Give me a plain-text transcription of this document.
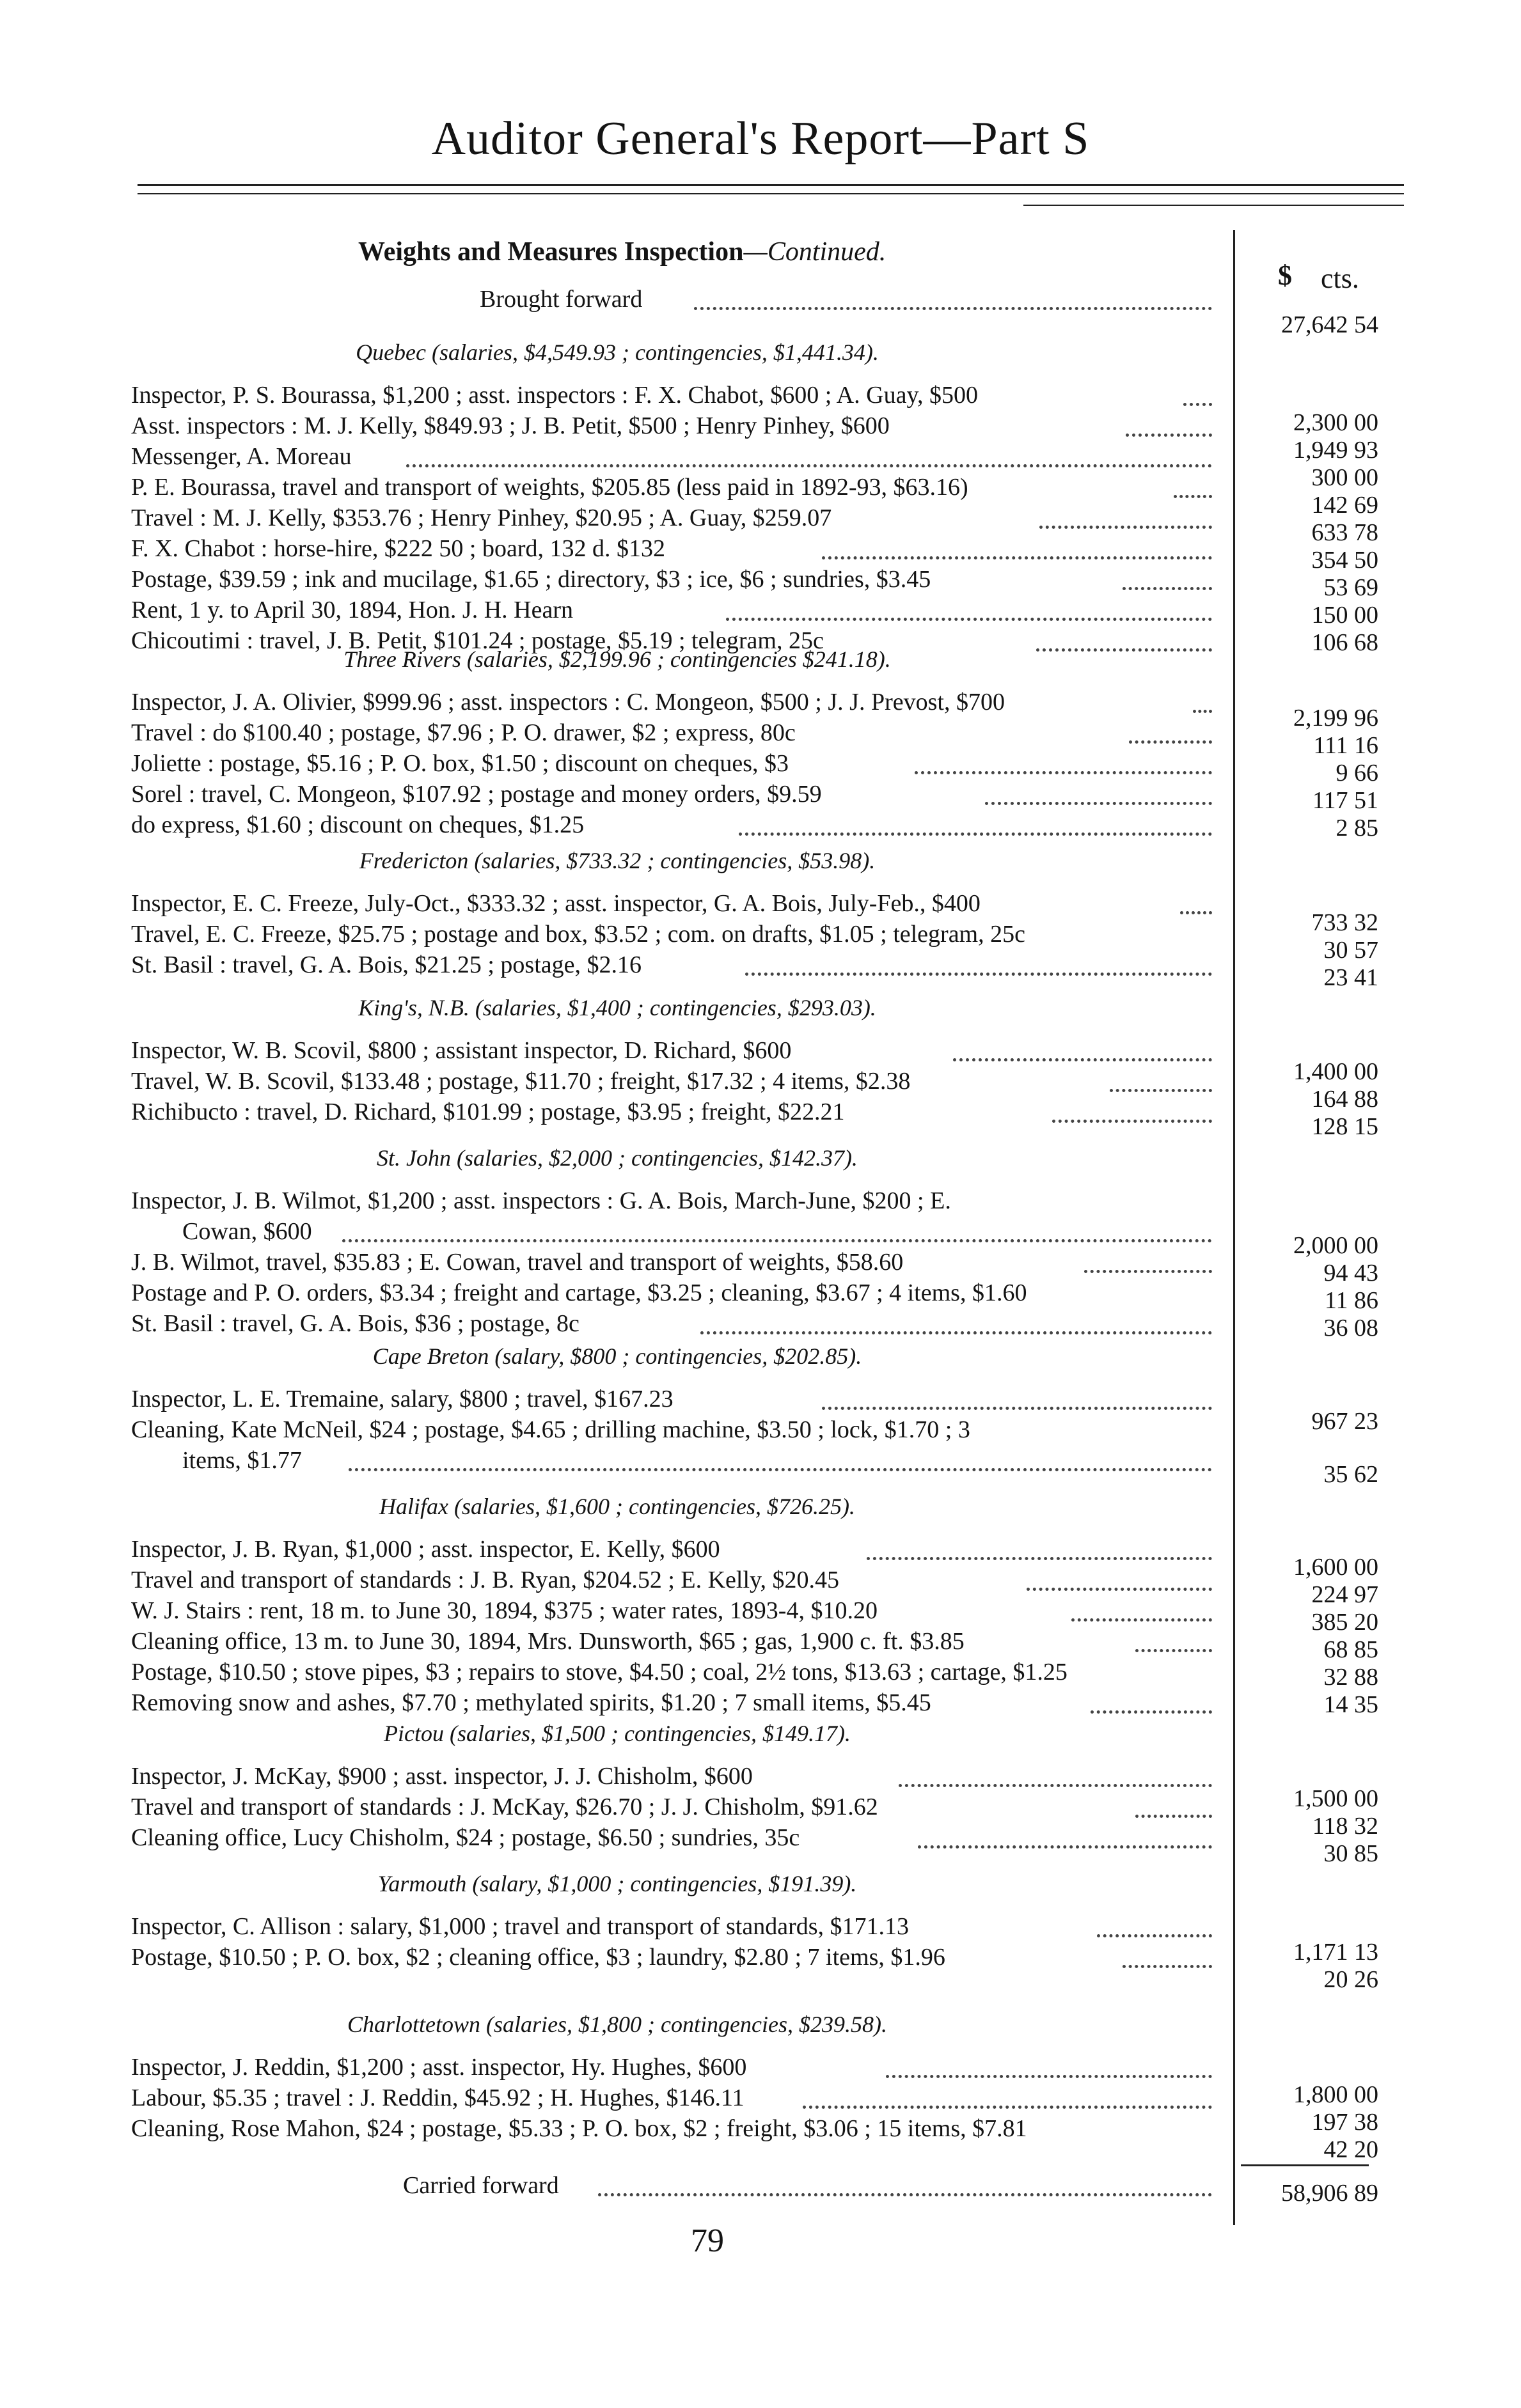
Auditor General's Report—Part S
$ cts.
Weights and Measures Inspection—Continued.
Brought forward
27,642 54
Quebec (salaries, $4,549.93 ; contingencies, $1,441.34).
Inspector, P. S. Bourassa, $1,200 ; asst. inspectors : F. X. Chabot, $600 ; A. Guay, $500
Asst. inspectors : M. J. Kelly, $849.93 ; J. B. Petit, $500 ; Henry Pinhey, $600
Messenger, A. Moreau
P. E. Bourassa, travel and transport of weights, $205.85 (less paid in 1892-93, $63.16)
Travel : M. J. Kelly, $353.76 ; Henry Pinhey, $20.95 ; A. Guay, $259.07
F. X. Chabot : horse-hire, $222 50 ; board, 132 d. $132
Postage, $39.59 ; ink and mucilage, $1.65 ; directory, $3 ; ice, $6 ; sundries, $3.45
Rent, 1 y. to April 30, 1894, Hon. J. H. Hearn
Chicoutimi : travel, J. B. Petit, $101.24 ; postage, $5.19 ; telegram, 25c
2,300 00
1,949 93
300 00
142 69
633 78
354 50
53 69
150 00
106 68
Three Rivers (salaries, $2,199.96 ; contingencies $241.18).
Inspector, J. A. Olivier, $999.96 ; asst. inspectors : C. Mongeon, $500 ; J. J. Prevost, $700
Travel : do $100.40 ; postage, $7.96 ; P. O. drawer, $2 ; express, 80c
Joliette : postage, $5.16 ; P. O. box, $1.50 ; discount on cheques, $3
Sorel : travel, C. Mongeon, $107.92 ; postage and money orders, $9.59
do express, $1.60 ; discount on cheques, $1.25
2,199 96
111 16
9 66
117 51
2 85
Fredericton (salaries, $733.32 ; contingencies, $53.98).
Inspector, E. C. Freeze, July-Oct., $333.32 ; asst. inspector, G. A. Bois, July-Feb., $400
Travel, E. C. Freeze, $25.75 ; postage and box, $3.52 ; com. on drafts, $1.05 ; telegram, 25c
St. Basil : travel, G. A. Bois, $21.25 ; postage, $2.16
733 32
30 57
23 41
King's, N.B. (salaries, $1,400 ; contingencies, $293.03).
Inspector, W. B. Scovil, $800 ; assistant inspector, D. Richard, $600
Travel, W. B. Scovil, $133.48 ; postage, $11.70 ; freight, $17.32 ; 4 items, $2.38
Richibucto : travel, D. Richard, $101.99 ; postage, $3.95 ; freight, $22.21
1,400 00
164 88
128 15
St. John (salaries, $2,000 ; contingencies, $142.37).
Inspector, J. B. Wilmot, $1,200 ; asst. inspectors : G. A. Bois, March-June, $200 ; E.
Cowan, $600
J. B. Wilmot, travel, $35.83 ; E. Cowan, travel and transport of weights, $58.60
Postage and P. O. orders, $3.34 ; freight and cartage, $3.25 ; cleaning, $3.67 ; 4 items, $1.60
St. Basil : travel, G. A. Bois, $36 ; postage, 8c
2,000 00
94 43
11 86
36 08
Cape Breton (salary, $800 ; contingencies, $202.85).
Inspector, L. E. Tremaine, salary, $800 ; travel, $167.23
Cleaning, Kate McNeil, $24 ; postage, $4.65 ; drilling machine, $3.50 ; lock, $1.70 ; 3
items, $1.77
967 23
35 62
Halifax (salaries, $1,600 ; contingencies, $726.25).
Inspector, J. B. Ryan, $1,000 ; asst. inspector, E. Kelly, $600
Travel and transport of standards : J. B. Ryan, $204.52 ; E. Kelly, $20.45
W. J. Stairs : rent, 18 m. to June 30, 1894, $375 ; water rates, 1893-4, $10.20
Cleaning office, 13 m. to June 30, 1894, Mrs. Dunsworth, $65 ; gas, 1,900 c. ft. $3.85
Postage, $10.50 ; stove pipes, $3 ; repairs to stove, $4.50 ; coal, 2½ tons, $13.63 ; cartage, $1.25
Removing snow and ashes, $7.70 ; methylated spirits, $1.20 ; 7 small items, $5.45
1,600 00
224 97
385 20
68 85
32 88
14 35
Pictou (salaries, $1,500 ; contingencies, $149.17).
Inspector, J. McKay, $900 ; asst. inspector, J. J. Chisholm, $600
Travel and transport of standards : J. McKay, $26.70 ; J. J. Chisholm, $91.62
Cleaning office, Lucy Chisholm, $24 ; postage, $6.50 ; sundries, 35c
1,500 00
118 32
30 85
Yarmouth (salary, $1,000 ; contingencies, $191.39).
Inspector, C. Allison : salary, $1,000 ; travel and transport of standards, $171.13
Postage, $10.50 ; P. O. box, $2 ; cleaning office, $3 ; laundry, $2.80 ; 7 items, $1.96	1,171 13
20 26
Charlottetown (salaries, $1,800 ; contingencies, $239.58).
Inspector, J. Reddin, $1,200 ; asst. inspector, Hy. Hughes, $600
Labour, $5.35 ; travel : J. Reddin, $45.92 ; H. Hughes, $146.11
Cleaning, Rose Mahon, $24 ; postage, $5.33 ; P. O. box, $2 ; freight, $3.06 ; 15 items, $7.81
1,800 00
197 38
42 20
Carried forward	58,906 89
79
